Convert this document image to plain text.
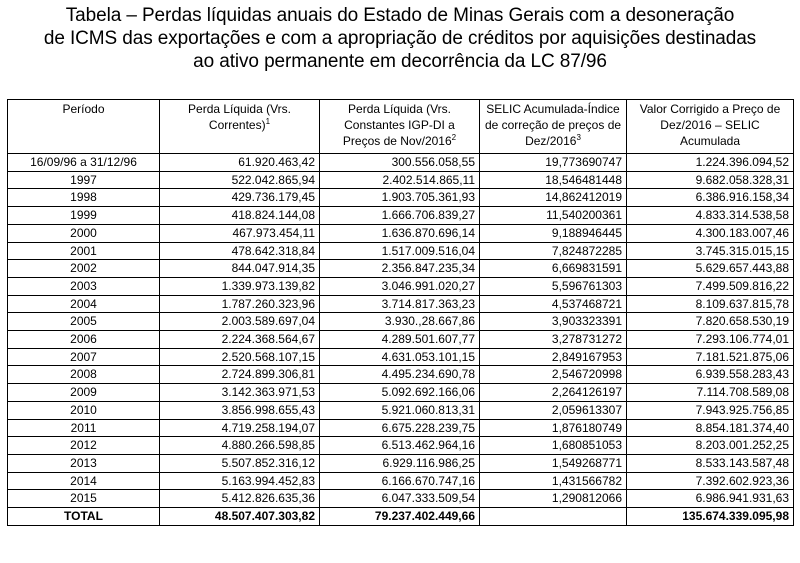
Tabela – Perdas líquidas anuais do Estado de Minas Gerais com a desoneração
de ICMS das exportações e com a apropriação de créditos por aquisições destinadas
ao ativo permanente em decorrência da LC 87/96
Período	Perda Líquida (Vrs. Correntes)$^1$	Perda Líquida (Vrs. Constantes IGP-DI a Preços de Nov/2016$^2$	SELIC Acumulada-Índice de correção de preços de Dez/2016$^3$	Valor Corrigido a Preço de Dez/2016 – SELIC Acumulada
16/09/96 a 31/12/96	61.920.463,42	300.556.058,55	19,773690747	1.224.396.094,52
1997	522.042.865,94	2.402.514.865,11	18,546481448	9.682.058.328,31
1998	429.736.179,45	1.903.705.361,93	14,862412019	6.386.916.158,34
1999	418.824.144,08	1.666.706.839,27	11,540200361	4.833.314.538,58
2000	467.973.454,11	1.636.870.696,14	9,188946445	4.300.183.007,46
2001	478.642.318,84	1.517.009.516,04	7,824872285	3.745.315.015,15
2002	844.047.914,35	2.356.847.235,34	6,669831591	5.629.657.443,88
2003	1.339.973.139,82	3.046.991.020,27	5,596761303	7.499.509.816,22
2004	1.787.260.323,96	3.714.817.363,23	4,537468721	8.109.637.815,78
2005	2.003.589.697,04	3.930.,28.667,86	3,903323391	7.820.658.530,19
2006	2.224.368.564,67	4.289.501.607,77	3,278731272	7.293.106.774,01
2007	2.520.568.107,15	4.631.053.101,15	2,849167953	7.181.521.875,06
2008	2.724.899.306,81	4.495.234.690,78	2,546720998	6.939.558.283,43
2009	3.142.363.971,53	5.092.692.166,06	2,264126197	7.114.708.589,08
2010	3.856.998.655,43	5.921.060.813,31	2,059613307	7.943.925.756,85
2011	4.719.258.194,07	6.675.228.239,75	1,876180749	8.854.181.374,40
2012	4.880.266.598,85	6.513.462.964,16	1,680851053	8.203.001.252,25
2013	5.507.852.316,12	6.929.116.986,25	1,549268771	8.533.143.587,48
2014	5.163.994.452,83	6.166.670.747,16	1,431566782	7.392.602.923,36
2015	5.412.826.635,36	6.047.333.509,54	1,290812066	6.986.941.931,63
TOTAL	48.507.407.303,82	79.237.402.449,66		135.674.339.095,98
